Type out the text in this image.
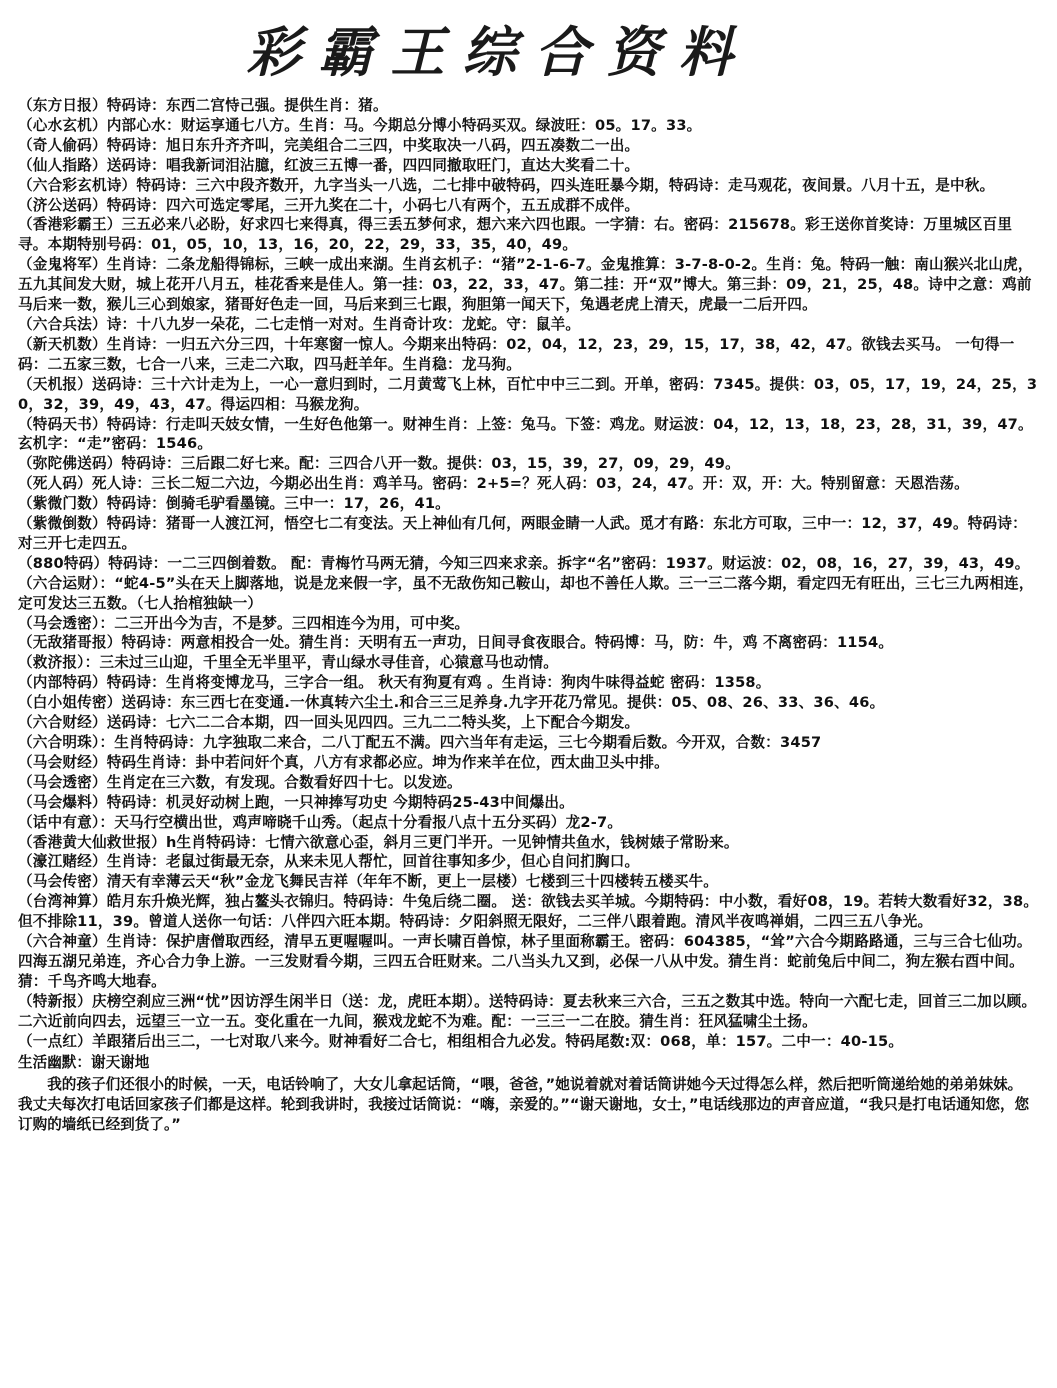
彩霸王综合资料

（东方日报）特码诗：东西二宫恃己强。提供生肖：猪。

（心水玄机）内部心水：财运享通七八方。生肖：马。今期总分博小特码买双。绿波旺：05。17。33。

（奇人偷码）特码诗：旭日东升齐齐叫，完美组合二三四，中奖取决一八码，四五凑数二一出。

（仙人指路）送码诗：唱我新词泪沾臆，红波三五博一番，四四同撤取旺门，直达大奖看二十。

（六合彩玄机诗）特码诗：三六中段齐数开，九字当头一八选，二七排中破特码，四头连旺暴今期，特码诗：走马观花，夜间景。八月十五，是中秋。

（济公送码）特码诗：四六可选定零尾，三开九奖在二十，小码七八有两个，五五成群不成伴。

（香港彩霸王）三五必来八必盼，好求四七来得真，得三丢五梦何求，想六来六四也跟。一字猜：右。密码：215678。彩王送你首奖诗：万里城区百里寻。本期特别号码：01，05，10，13，16，20，22，29，33，35，40，49。

（金鬼将军）生肖诗：二条龙船得锦标，三峡一成出来湖。生肖玄机子：“猪”2-1-6-7。金鬼推算：3-7-8-0-2。生肖：兔。特码一触：南山猴兴北山虎，五九其间发大财，城上花开八月五，桂花香来是佳人。第一挂：03，22，33，47。第二挂：开“双”博大。第三卦：09，21，25，48。诗中之意：鸡前马后来一数，猴儿三心到娘家，猪哥好色走一回，马后来到三七跟，狗胆第一闻天下，兔遇老虎上清天，虎最一二后开四。

（六合兵法）诗：十八九岁一朵花，二七走悄一对对。生肖奇计攻：龙蛇。守：鼠羊。

（新天机数）生肖诗：一归五六分三四，十年寒窗一惊人。今期来出特码：02，04，12，23，29，15，17，38，42，47。欲钱去买马。 一句得一码：二五家三数，七合一八来，三走二六取，四马赶羊年。生肖稳：龙马狗。

（天机报）送码诗：三十六计走为上，一心一意归到时，二月黄莺飞上林，百忙中中三二到。开单，密码：7345。提供：03，05，17，19，24，25，30，32，39，49，43，47。得运四相：马猴龙狗。

（特码天书）特码诗：行走叫天妓女情，一生好色他第一。财神生肖：上签：兔马。下签：鸡龙。财运波：04，12，13，18，23，28，31，39，47。玄机字：“走”密码：1546。

（弥陀佛送码）特码诗：三后跟二好七来。配：三四合八开一数。提供：03，15，39，27，09，29，49。

（死人码）死人诗：三长二短二六边，今期必出生肖：鸡羊马。密码：2+5=？死人码：03，24，47。开：双，开：大。特别留意：天恩浩荡。

（紫微门数）特码诗：倒骑毛驴看墨镜。三中一：17，26，41。

（紫微倒数）特码诗：猪哥一人渡江河，悟空七二有变法。天上神仙有几何，两眼金睛一人武。觅才有路：东北方可取，三中一：12，37，49。特码诗：对三开七走四五。

（880特码）特码诗：一二三四倒着数。 配：青梅竹马两无猜，今知三四来求亲。拆字“名”密码：1937。财运波：02，08，16，27，39，43，49。

（六合运财）：“蛇4-5”头在天上脚落地，说是龙来假一字，虽不无敌伤知己鞍山，却也不善任人欺。三一三二落今期，看定四无有旺出，三七三九两相连，定可发达三五数。（七人抬棺独缺一）

（马会透密）：二三开出今为吉，不是梦。三四相连今为用，可中奖。

（无敌猪哥报）特码诗：两意相投合一处。猜生肖：天明有五一声功，日间寻食夜眼合。特码博：马，防：牛，鸡 不离密码：1154。

（救济报）：三未过三山迎，千里全无半里平，青山绿水寻佳音，心猿意马也动情。

（内部特码）特码诗：生肖将变博龙马，三字合一组。 秋天有狗夏有鸡 。生肖诗：狗肉牛味得益蛇 密码：1358。

（白小姐传密）送码诗：东三西七在变通.一休真转六尘土.和合三三足养身.九字开花乃常见。提供：05、08、26、33、36、46。

（六合财经）送码诗：七六二二合本期，四一回头见四四。三九二二特头奖，上下配合今期发。

（六合明珠）：生肖特码诗：九字独取二来合，二八丁配五不满。四六当年有走运，三七今期看后数。今开双，合数：3457

（马会财经）特码生肖诗：卦中若问奸个真，八方有求都必应。坤为作来羊在位，西太曲卫头中排。

（马会透密）生肖定在三六数，有发现。合数看好四十七。以发迹。

（马会爆料）特码诗：机灵好动树上跑，一只神捧写功史 今期特码25-43中间爆出。

（话中有意）：天马行空横出世，鸡声啼晓千山秀。（起点十分看报八点十五分买码）龙2-7。

（香港黄大仙救世报）h生肖特码诗：七情六欲意心歪，斜月三更门半开。一见钟情共鱼水，钱树婊子常盼来。

（濠江赌经）生肖诗：老鼠过街最无奈，从来未见人帮忙，回首往事知多少，但心自问扪胸口。

（马会传密）清天有幸薄云天“秋”金龙飞舞民吉祥（年年不断，更上一层楼）七楼到三十四楼转五楼买牛。

（台湾神算）皓月东升焕光辉，独占鳌头衣锦归。特码诗：牛兔后绕二圈。 送：欲钱去买羊城。今期特码：中小数，看好08，19。若转大数看好32，38。但不排除11，39。曾道人送你一句话：八伴四六旺本期。特码诗：夕阳斜照无限好，二三伴八跟着跑。清风半夜鸣禅娟，二四三五八争光。

（六合神童）生肖诗：保护唐僧取西经，清早五更喔喔叫。一声长啸百兽惊，林子里面称霸王。密码：604385，“耸”六合今期路路通，三与三合七仙功。四海五湖兄弟连，齐心合力争上游。一三发财看今期，三四五合旺财来。二八当头九又到，必保一八从中发。猜生肖：蛇前兔后中间二，狗左猴右酉中间。猜：千鸟齐鸣大地春。

（特新报）庆榜空刹应三洲“忧”因访浮生闲半日（送：龙，虎旺本期）。送特码诗：夏去秋来三六合，三五之数其中选。特向一六配七走，回首三二加以顾。二六近前向四去，远望三一立一五。变化重在一九间，猴戏龙蛇不为难。配：一三三一二在胶。猜生肖：狂风猛啸尘土扬。

（一点红）羊跟猪后出三二，一七对取八来今。财神看好二合七，相组相合九必发。特码尾数:双：068，单：157。二中一：40-15。

生活幽默：谢天谢地

我的孩子们还很小的时候，一天，电话铃响了，大女儿拿起话筒，“喂，爸爸，”她说着就对着话筒讲她今天过得怎么样，然后把听筒递给她的弟弟妹妹。我丈夫每次打电话回家孩子们都是这样。轮到我讲时，我接过话筒说：“嗨，亲爱的。”“谢天谢地，女士，”电话线那边的声音应道，“我只是打电话通知您，您订购的墙纸已经到货了。”
